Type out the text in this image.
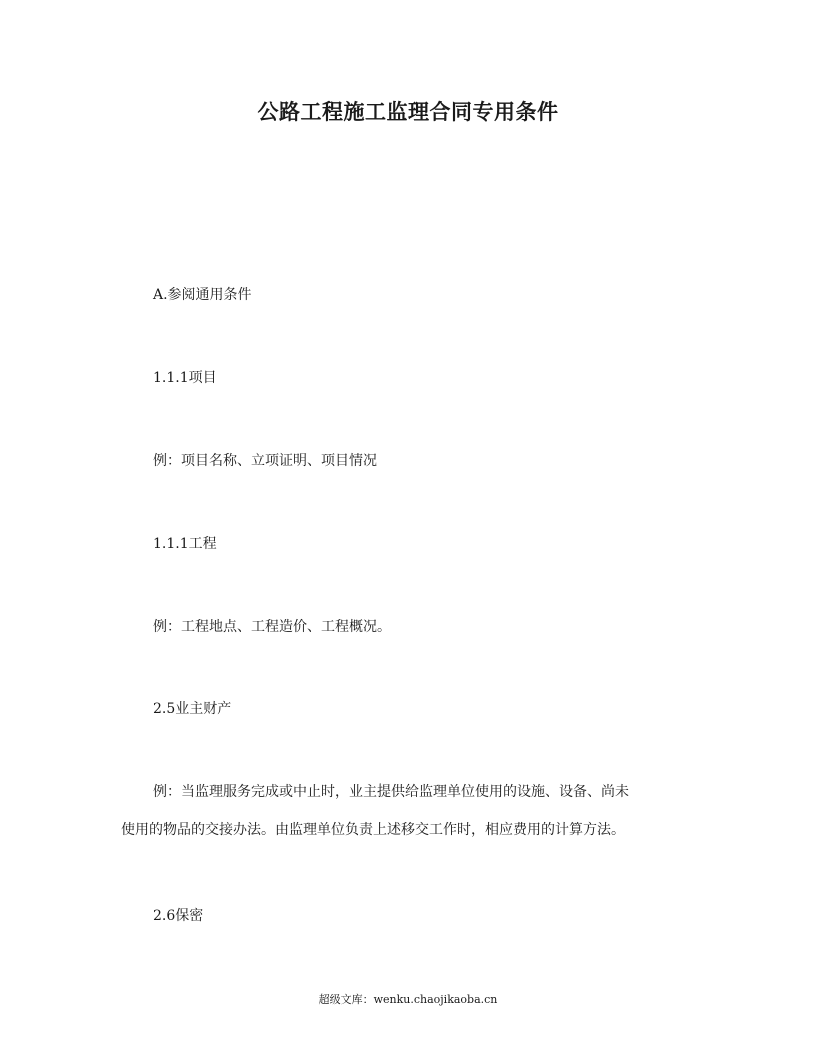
公路工程施工监理合同专用条件

A.参阅通用条件

1.1.1项目

例：项目名称、立项证明、项目情况

1.1.1工程

例：工程地点、工程造价、工程概况。

2.5业主财产

例：当监理服务完成或中止时，业主提供给监理单位使用的设施、设备、尚未
使用的物品的交接办法。由监理单位负责上述移交工作时，相应费用的计算方法。

2.6保密

超级文库：wenku.chaojikaoba.cn
